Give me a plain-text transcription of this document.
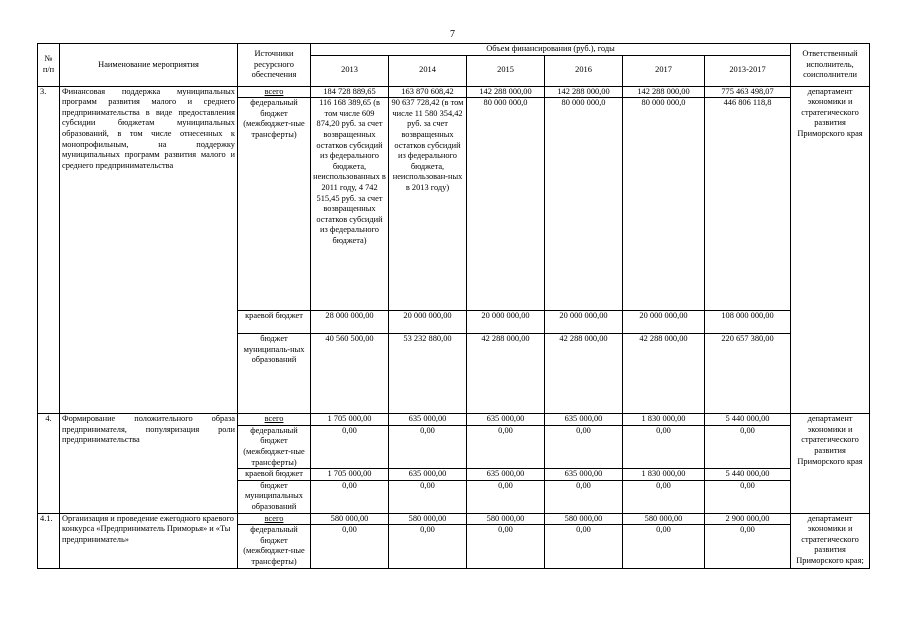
7
№
п/п	Наименование мероприятия	Источники ресурсного обеспечения	Объем финансирования (руб.), годы						Ответственный исполнитель, соисполнители
			2013	2014	2015	2016	2017	2013-2017	
3.	Финансовая поддержка муниципальных программ развития малого и среднего предпринимательства в виде предоставления субсидии бюджетам муниципальных образований, в том числе отнесенных к монопрофильным, на поддержку муниципальных программ развития малого и среднего предпринимательства	всего	184 728 889,65	163 870 608,42	142 288 000,00	142 288 000,00	142 288 000,00	775 463 498,07	департамент экономики и стратегического развития Приморского края
		федеральный бюджет (межбюджет-ные трансферты)	116 168 389,65 (в том числе 609 874,20 руб. за счет возвращенных остатков субсидий из федерального бюджета, неиспользованных в 2011 году, 4 742 515,45 руб. за счет возвращенных остатков субсидий из федерального бюджета)	90 637 728,42 (в том числе 11 580 354,42 руб. за счет возвращенных остатков субсидий из федерального бюджета, неиспользован-ных в 2013 году)	80 000 000,0	80 000 000,0	80 000 000,0	446 806 118,8	
		краевой бюджет	28 000 000,00	20 000 000,00	20 000 000,00	20 000 000,00	20 000 000,00	108 000 000,00	
		бюджет муниципаль-ных образований	40 560 500,00	53 232 880,00	42 288 000,00	42 288 000,00	42 288 000,00	220 657 380,00	
4.	Формирование положительного образа предпринимателя, популяризация роли предпринимательства	всего	1 705 000,00	635 000,00	635 000,00	635 000,00	1 830 000,00	5 440 000,00	департамент экономики и стратегического развития Приморского края
		федеральный бюджет (межбюджет-ные трансферты)	0,00	0,00	0,00	0,00	0,00	0,00	
		краевой бюджет	1 705 000,00	635 000,00	635 000,00	635 000,00	1 830 000,00	5 440 000,00	
		бюджет муниципальных образований	0,00	0,00	0,00	0,00	0,00	0,00	
4.1.	Организация и проведение ежегодного краевого конкурса «Предприниматель Приморья» и «Ты предприниматель»	всего	580 000,00	580 000,00	580 000,00	580 000,00	580 000,00	2 900 000,00	департамент экономики и стратегического развития Приморского края;
		федеральный бюджет (межбюджет-ные трансферты)	0,00	0,00	0,00	0,00	0,00	0,00	
